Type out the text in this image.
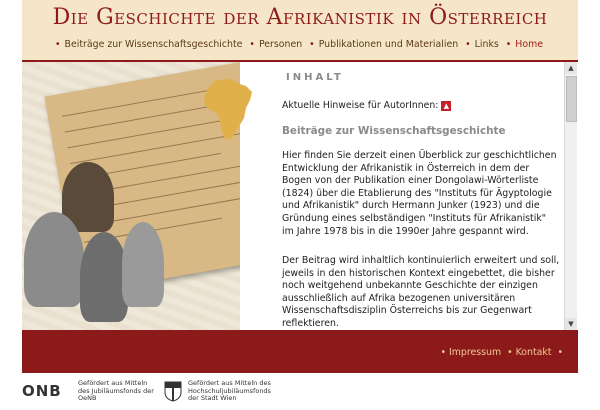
Die Geschichte der Afrikanistik in Österreich
• Beiträge zur Wissenschaftsgeschichte • Personen • Publikationen und Materialien • Links • Home
INHALT
Aktuelle Hinweise für AutorInnen: ▲
Beiträge zur Wissenschaftsgeschichte
Hier finden Sie derzeit einen Überblick zur geschichtlichen Entwicklung der Afrikanistik in Österreich in dem der Bogen von der Publikation einer Dongolawi-Wörterliste (1824) über die Etablierung des "Instituts für Ägyptologie und Afrikanistik" durch Hermann Junker (1923) und die Gründung eines selbständigen "Instituts für Afrikanistik" im Jahre 1978 bis in die 1990er Jahre gespannt wird.
Der Beitrag wird inhaltlich kontinuierlich erweitert und soll, jeweils in den historischen Kontext eingebettet, die bisher noch weitgehend unbekannte Geschichte der einzigen ausschließlich auf Afrika bezogenen universitären Wissenschaftsdisziplin Österreichs bis zur Gegenwart reflektieren.
▲
▼
• Impressum • Kontakt •
ONB	Gefördert aus Mitteln des Jubiläumsfonds der OeNB
Gefördert aus Mitteln des Hochschuljubiläumsfonds der Stadt Wien
